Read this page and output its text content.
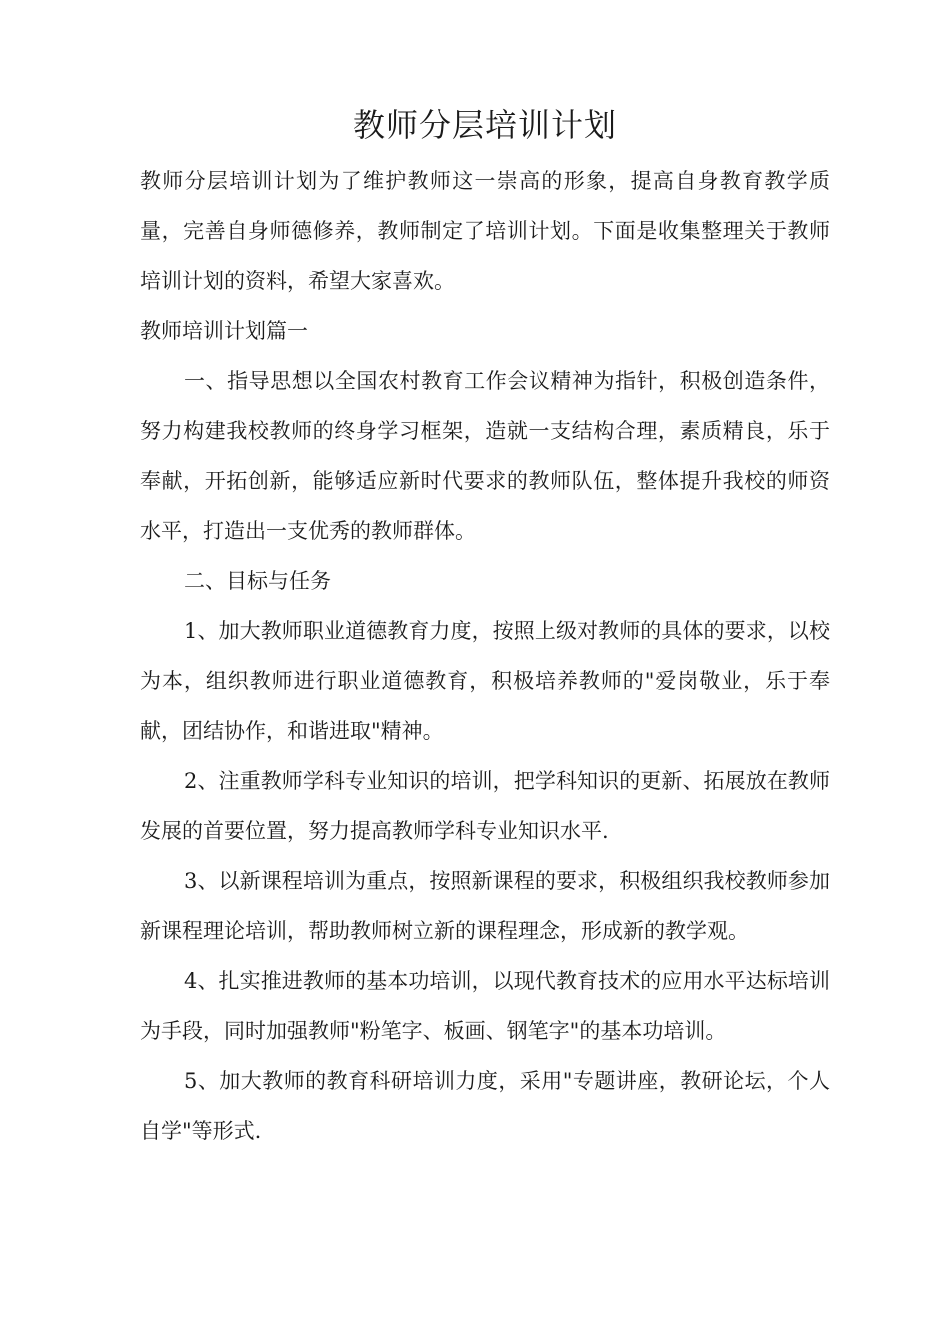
教师分层培训计划

教师分层培训计划为了维护教师这一崇高的形象，提高自身教育教学质量，完善自身师德修养，教师制定了培训计划。下面是收集整理关于教师培训计划的资料，希望大家喜欢。

教师培训计划篇一

一、指导思想以全国农村教育工作会议精神为指针，积极创造条件，努力构建我校教师的终身学习框架，造就一支结构合理，素质精良，乐于奉献，开拓创新，能够适应新时代要求的教师队伍，整体提升我校的师资水平，打造出一支优秀的教师群体。

二、目标与任务

1、加大教师职业道德教育力度，按照上级对教师的具体的要求，以校为本，组织教师进行职业道德教育，积极培养教师的"爱岗敬业，乐于奉献，团结协作，和谐进取"精神。

2、注重教师学科专业知识的培训，把学科知识的更新、拓展放在教师发展的首要位置，努力提高教师学科专业知识水平.

3、以新课程培训为重点，按照新课程的要求，积极组织我校教师参加新课程理论培训，帮助教师树立新的课程理念，形成新的教学观。

4、扎实推进教师的基本功培训，以现代教育技术的应用水平达标培训为手段，同时加强教师"粉笔字、板画、钢笔字"的基本功培训。

5、加大教师的教育科研培训力度，采用"专题讲座，教研论坛，个人自学"等形式.
